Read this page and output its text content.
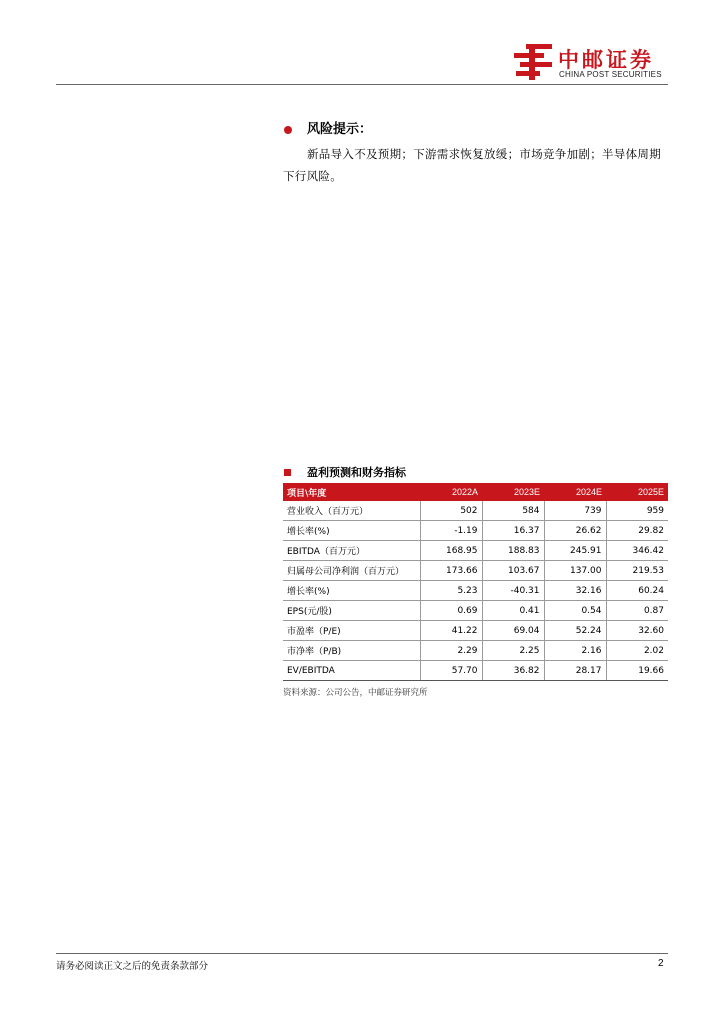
中邮证券
CHINA POST SECURITIES
风险提示：
新品导入不及预期；下游需求恢复放缓；市场竞争加剧；半导体周期下行风险。
盈利预测和财务指标
项目\年度	2022A	2023E	2024E	2025E
营业收入（百万元）	502	584	739	959
增长率(%)	-1.19	16.37	26.62	29.82
EBITDA（百万元）	168.95	188.83	245.91	346.42
归属母公司净利润（百万元）	173.66	103.67	137.00	219.53
增长率(%)	5.23	-40.31	32.16	60.24
EPS(元/股)	0.69	0.41	0.54	0.87
市盈率（P/E)	41.22	69.04	52.24	32.60
市净率（P/B)	2.29	2.25	2.16	2.02
EV/EBITDA	57.70	36.82	28.17	19.66
资料来源：公司公告，中邮证券研究所
请务必阅读正文之后的免责条款部分	2
